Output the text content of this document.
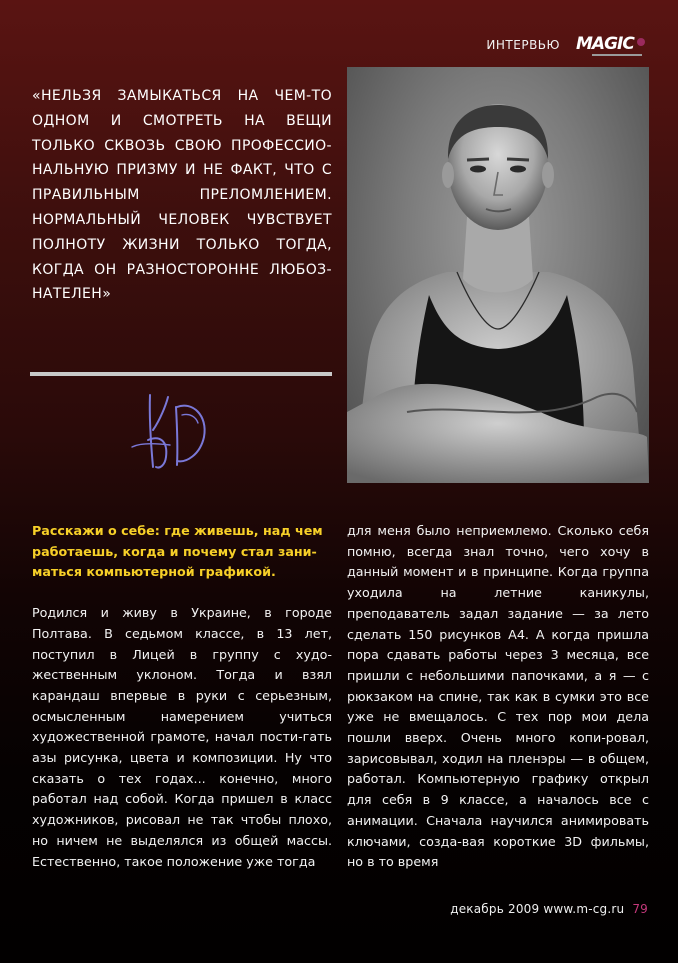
ИНТЕРВЬЮ MAGIC
«НЕЛЬЗЯ ЗАМЫКАТЬСЯ НА ЧЕМ-ТО ОДНОМ И СМОТРЕТЬ НА ВЕЩИ ТОЛЬКО СКВОЗЬ СВОЮ ПРОФЕССИО-НАЛЬНУЮ ПРИЗМУ И НЕ ФАКТ, ЧТО С ПРАВИЛЬНЫМ ПРЕЛОМЛЕНИЕМ. НОРМАЛЬНЫЙ ЧЕЛОВЕК ЧУВСТВУЕТ ПОЛНОТУ ЖИЗНИ ТОЛЬКО ТОГДА, КОГДА ОН РАЗНОСТОРОННЕ ЛЮБОЗ-НАТЕЛЕН»

Расскажи о себе: где живешь, над чем работаешь, когда и почему стал зани-маться компьютерной графикой.

Родился и живу в Украине, в городе Полтава. В седьмом классе, в 13 лет, поступил в Лицей в группу с худо-жественным уклоном. Тогда и взял карандаш впервые в руки с серьезным, осмысленным намерением учиться художественной грамоте, начал пости-гать азы рисунка, цвета и композиции. Ну что сказать о тех годах... конечно, много работал над собой. Когда пришел в класс художников, рисовал не так чтобы плохо, но ничем не выделялся из общей массы. Естественно, такое положение уже тогда

для меня было неприемлемо. Сколько себя помню, всегда знал точно, чего хочу в данный момент и в принципе. Когда группа уходила на летние каникулы, преподаватель задал задание — за лето сделать 150 рисунков А4. А когда пришла пора сдавать работы через 3 месяца, все пришли с небольшими папочками, а я — с рюкзаком на спине, так как в сумки это все уже не вмещалось. С тех пор мои дела пошли вверх. Очень много копи-ровал, зарисовывал, ходил на пленэры — в общем, работал. Компьютерную графику открыл для себя в 9 классе, а началось все с анимации. Сначала научился анимировать ключами, созда-вая короткие 3D фильмы, но в то время

декабрь 2009 www.m-cg.ru 79
